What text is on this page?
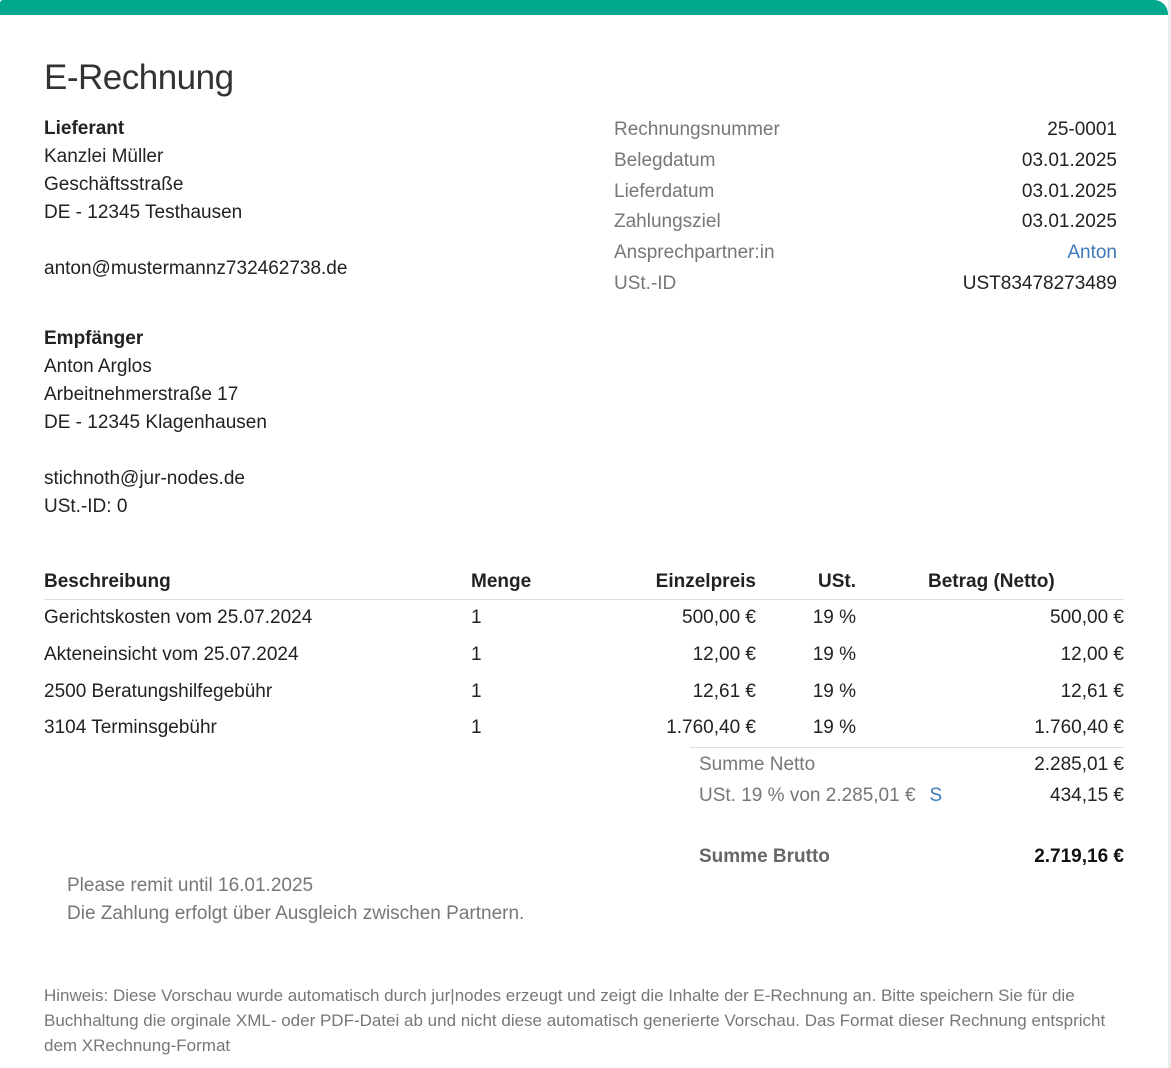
E-Rechnung
Lieferant
Kanzlei Müller
Geschäftsstraße
DE - 12345 Testhausen
anton@mustermannz732462738.de
Rechnungsnummer	25-0001
Belegdatum	03.01.2025
Lieferdatum	03.01.2025
Zahlungsziel	03.01.2025
Ansprechpartner:in	Anton
USt.-ID	UST83478273489
Empfänger
Anton Arglos
Arbeitnehmerstraße 17
DE - 12345 Klagenhausen
stichnoth@jur-nodes.de
USt.-ID: 0
Beschreibung	Menge	Einzelpreis	USt.	Betrag (Netto)
Gerichtskosten vom 25.07.2024	1	500,00 €	19 %	500,00 €
Akteneinsicht vom 25.07.2024	1	12,00 €	19 %	12,00 €
2500 Beratungshilfegebühr	1	12,61 €	19 %	12,61 €
3104 Terminsgebühr	1	1.760,40 €	19 %	1.760,40 €
Summe Netto	2.285,01 €
USt. 19 % von 2.285,01 € S	434,15 €
Summe Brutto	2.719,16 €
Please remit until 16.01.2025
Die Zahlung erfolgt über Ausgleich zwischen Partnern.
Hinweis: Diese Vorschau wurde automatisch durch jur|nodes erzeugt und zeigt die Inhalte der E-Rechnung an. Bitte speichern Sie für die Buchhaltung die orginale XML- oder PDF-Datei ab und nicht diese automatisch generierte Vorschau. Das Format dieser Rechnung entspricht dem XRechnung-Format
